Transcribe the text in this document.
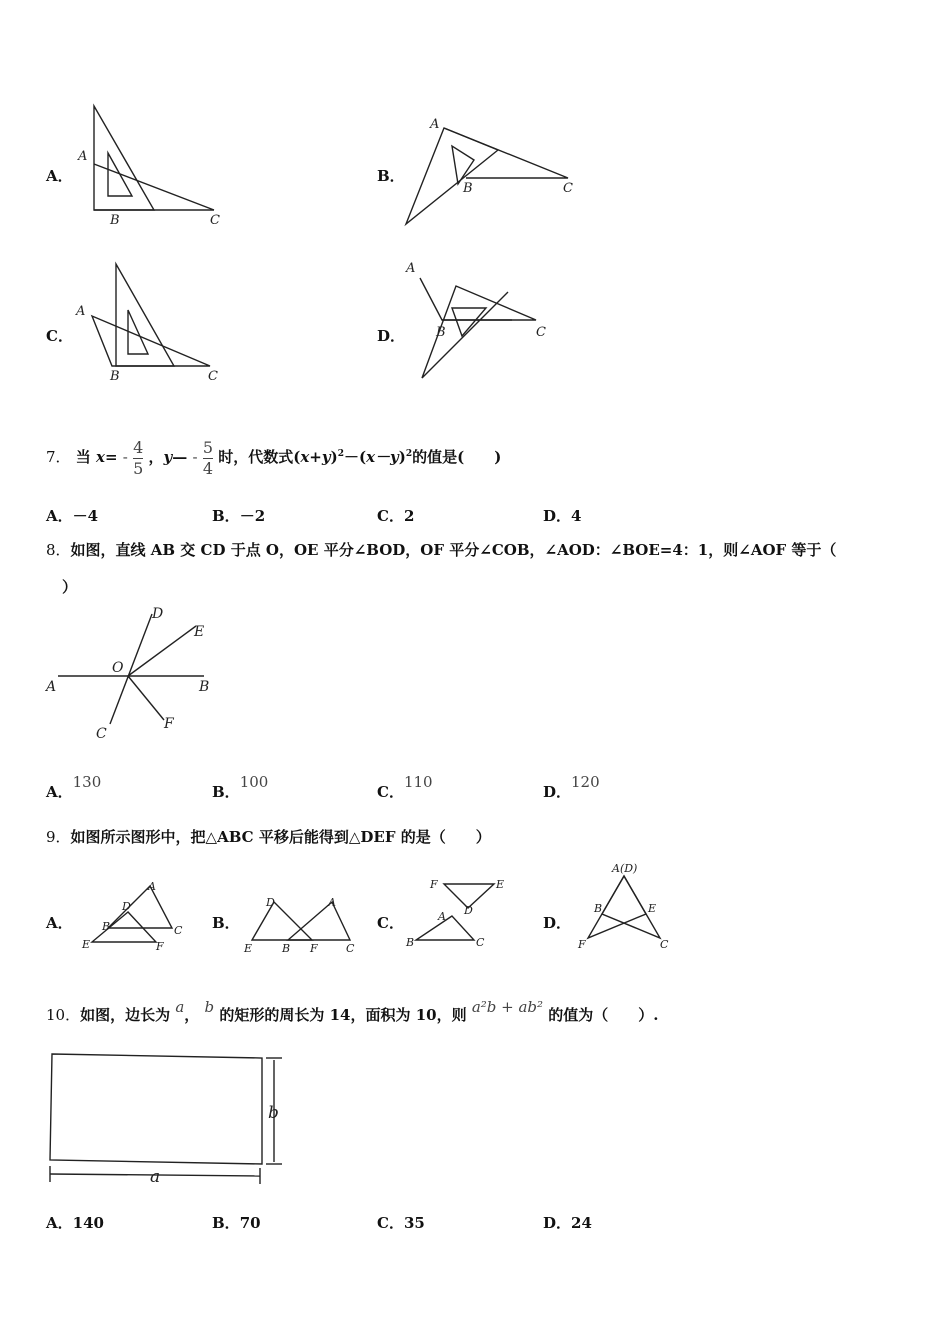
A．
A
B	C
B．
A
B	C
C．
A
B	C
D．
A
B	C
7． 当 $x= - \frac{4}{5}$ ，y— - $\frac{5}{4}$ 时，代数式$(x+y)^2-(x-y)^2$的值是(　　)
A．－4	B．－2	C．2	D．4
8．如图，直线 AB 交 CD 于点 O，OE 平分∠BOD，OF 平分∠COB，∠AOD：∠BOE=4：1，则∠AOF 等于（
）
A	B
C
D
E
F
O
A．130
B．100
C．110
D．120
9．如图所示图形中，把△ABC 平移后能得到△DEF 的是（　　）
A．
A
B	C
D
E	F
B．
D	A
E	B F	C
C．
F	E
D
A
B	C
D．
A(D)
B	E
F	C
10．如图，边长为 a， b 的矩形的周长为 14，面积为 10，则 a²b + ab² 的值为（　　）.
b
a
A．140	B．70	C．35	D．24
